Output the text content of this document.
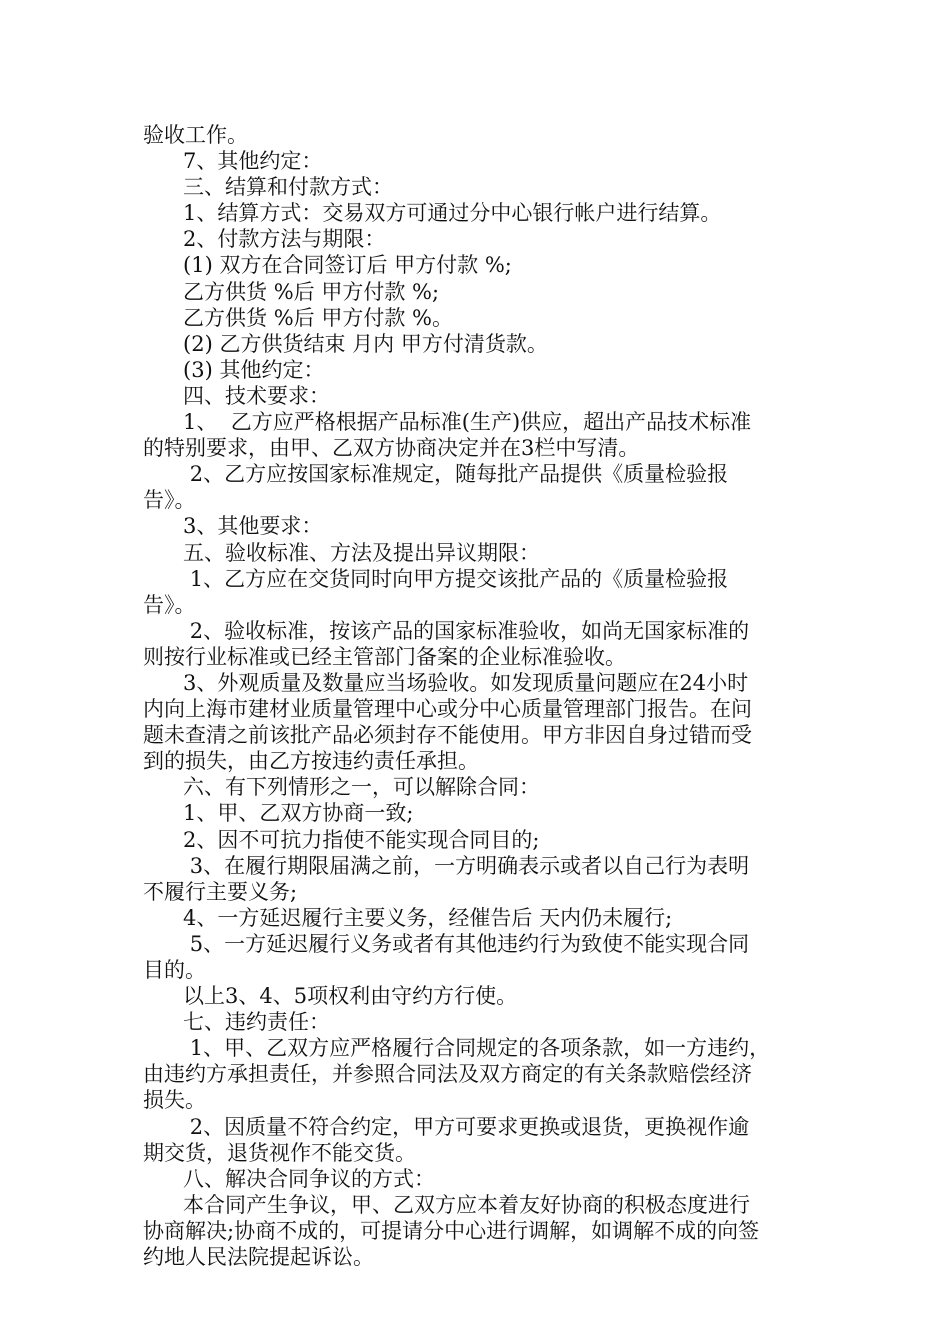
验收工作。
7、其他约定：
三、结算和付款方式：
1、结算方式：交易双方可通过分中心银行帐户进行结算。
2、付款方法与期限：
(1) 双方在合同签订后 甲方付款 %;
乙方供货 %后 甲方付款 %;
乙方供货 %后 甲方付款 %。
(2) 乙方供货结束 月内 甲方付清货款。
(3) 其他约定：
四、技术要求：
1、  乙方应严格根据产品标准(生产)供应，超出产品技术标准
的特别要求，由甲、乙双方协商决定并在3栏中写清。
2、乙方应按国家标准规定，随每批产品提供《质量检验报
告》。
3、其他要求：
五、验收标准、方法及提出异议期限：
1、乙方应在交货同时向甲方提交该批产品的《质量检验报
告》。
2、验收标准，按该产品的国家标准验收，如尚无国家标准的
则按行业标准或已经主管部门备案的企业标准验收。
3、外观质量及数量应当场验收。如发现质量问题应在24小时
内向上海市建材业质量管理中心或分中心质量管理部门报告。在问
题未查清之前该批产品必须封存不能使用。甲方非因自身过错而受
到的损失，由乙方按违约责任承担。
六、有下列情形之一，可以解除合同：
1、甲、乙双方协商一致;
2、因不可抗力指使不能实现合同目的;
3、在履行期限届满之前，一方明确表示或者以自己行为表明
不履行主要义务;
4、一方延迟履行主要义务，经催告后 天内仍未履行;
5、一方延迟履行义务或者有其他违约行为致使不能实现合同
目的。
以上3、4、5项权利由守约方行使。
七、违约责任：
1、甲、乙双方应严格履行合同规定的各项条款，如一方违约，
由违约方承担责任，并参照合同法及双方商定的有关条款赔偿经济
损失。
2、因质量不符合约定，甲方可要求更换或退货，更换视作逾
期交货，退货视作不能交货。
八、解决合同争议的方式：
本合同产生争议，甲、乙双方应本着友好协商的积极态度进行
协商解决;协商不成的，可提请分中心进行调解，如调解不成的向签
约地人民法院提起诉讼。
